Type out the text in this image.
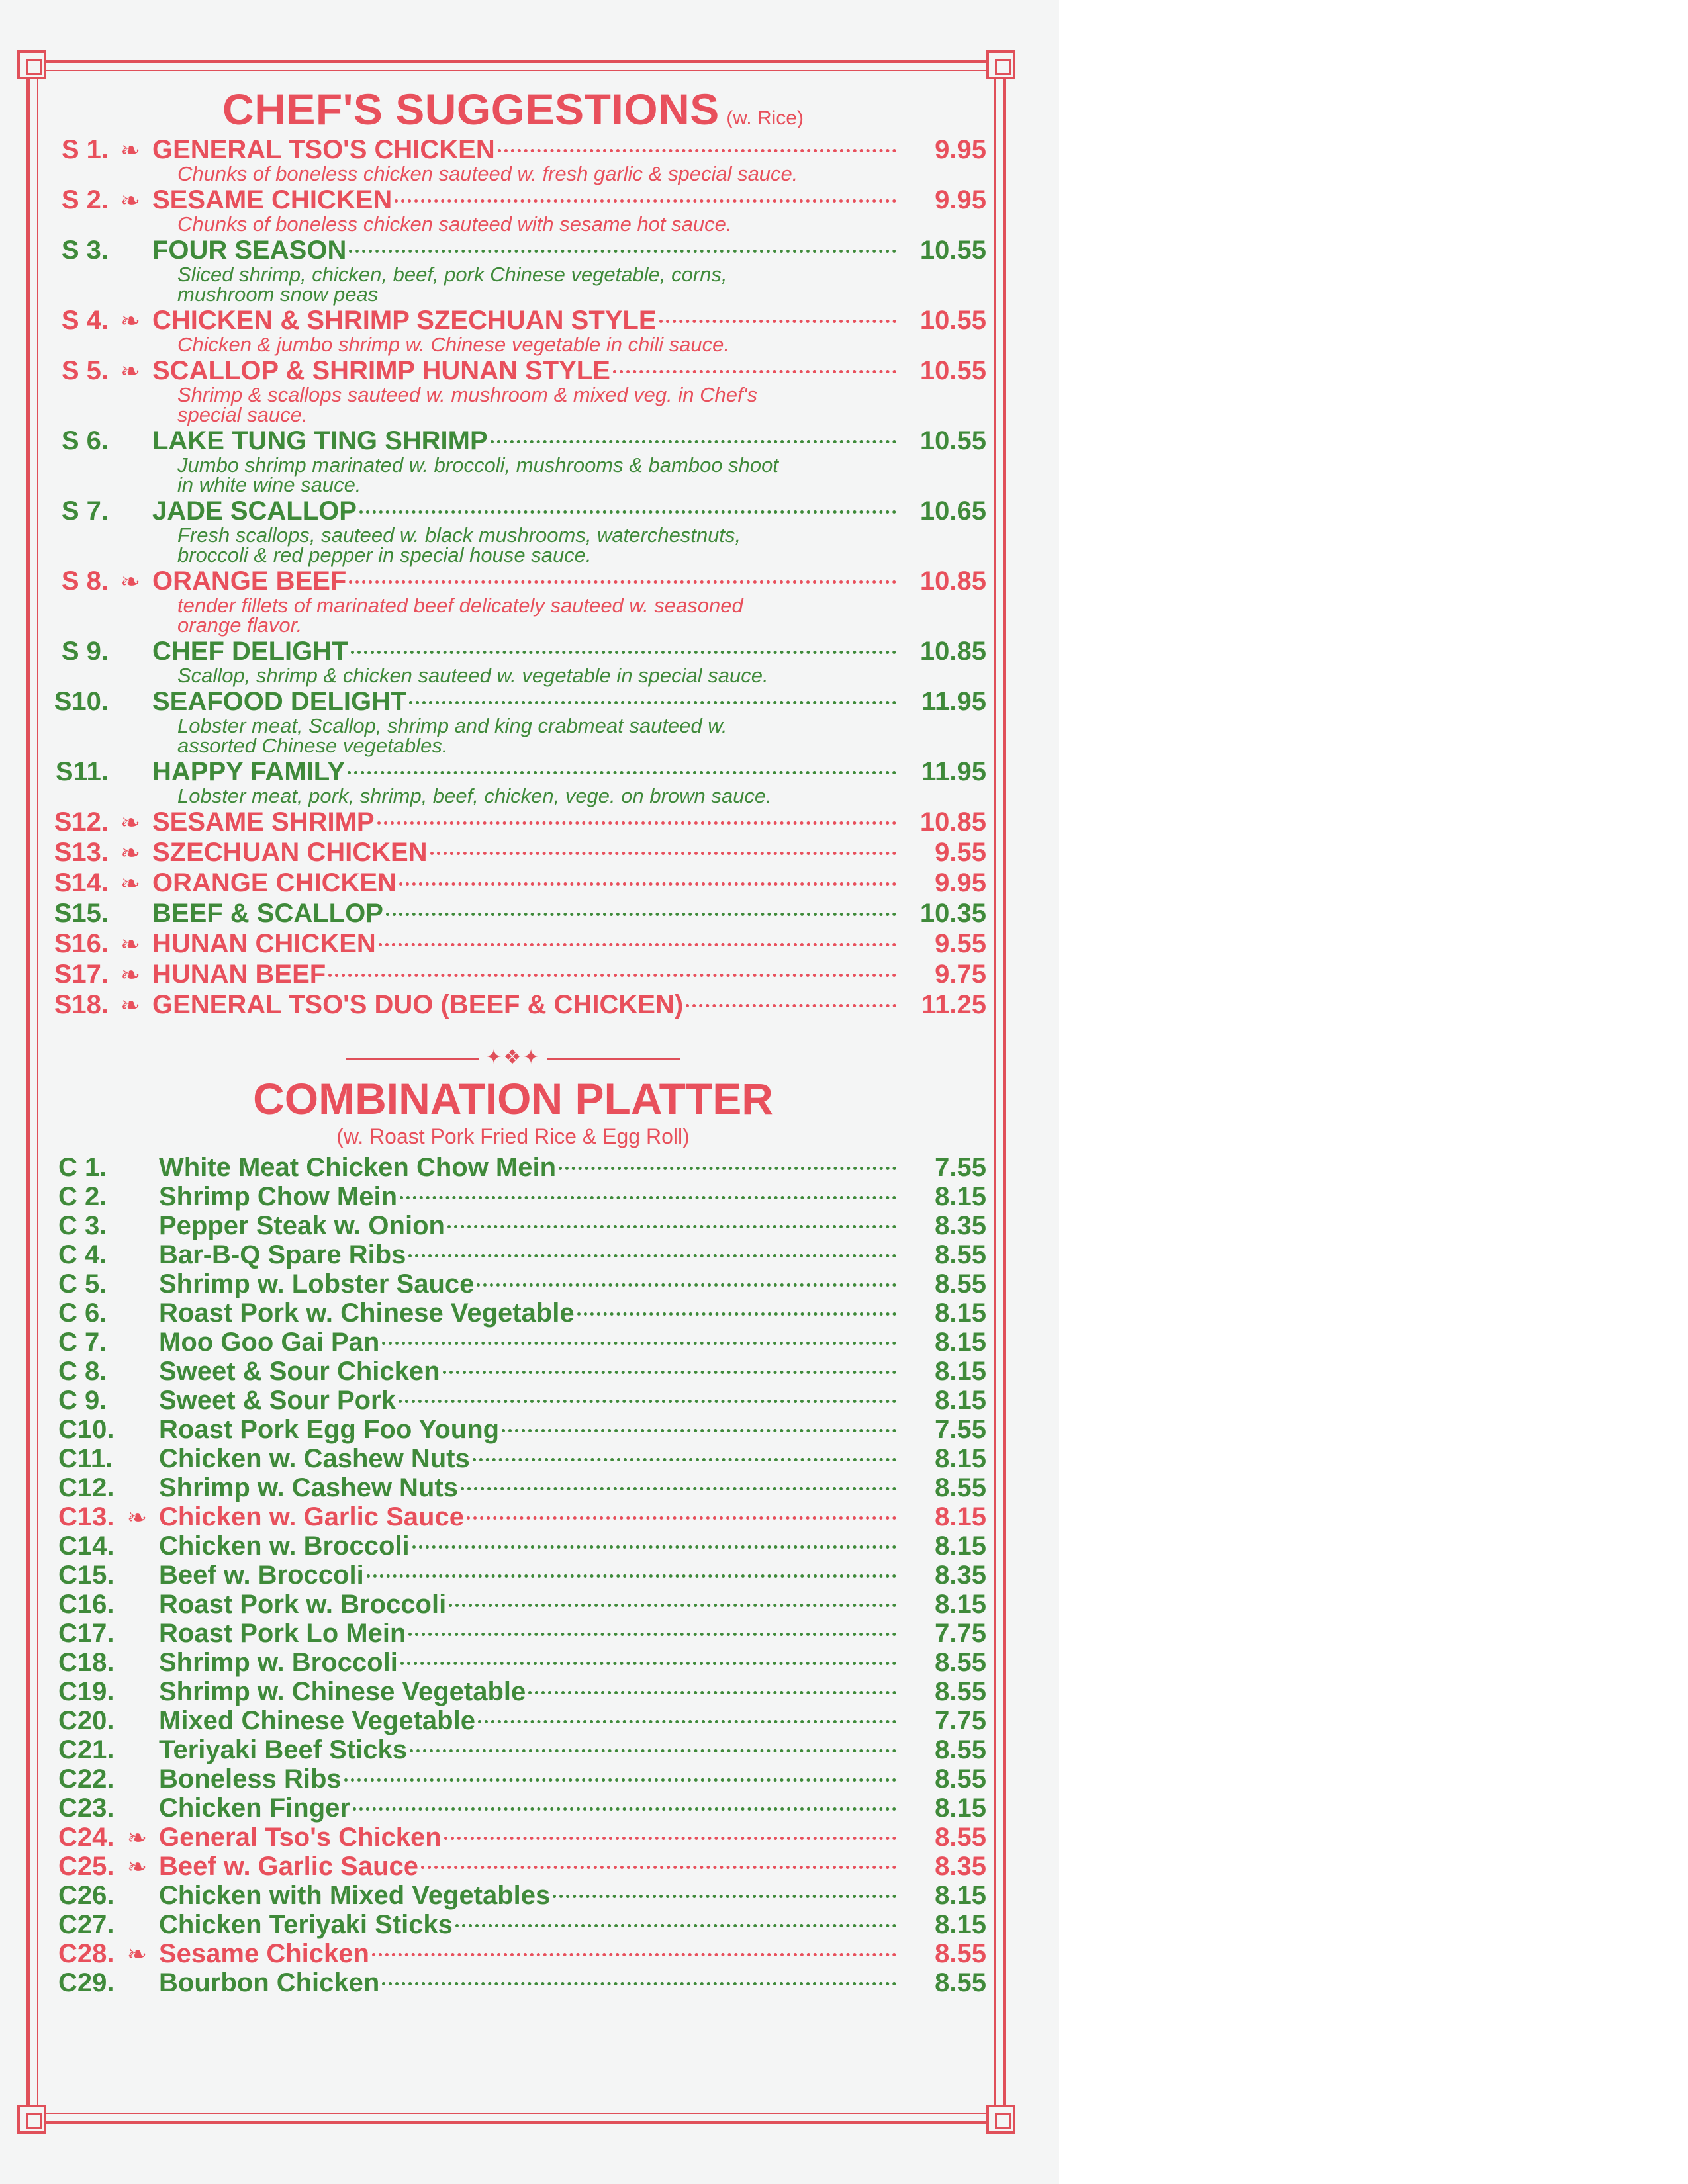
CHEF'S SUGGESTIONS (w. Rice)
S 1. ❧ GENERAL TSO'S CHICKEN	9.95
Chunks of boneless chicken sauteed w. fresh garlic & special sauce.
S 2. ❧ SESAME CHICKEN	9.95
Chunks of boneless chicken sauteed with sesame hot sauce.
S 3. FOUR SEASON	10.55
Sliced shrimp, chicken, beef, pork Chinese vegetable, corns,
mushroom snow peas
S 4. ❧ CHICKEN & SHRIMP SZECHUAN STYLE	10.55
Chicken & jumbo shrimp w. Chinese vegetable in chili sauce.
S 5. ❧ SCALLOP & SHRIMP HUNAN STYLE	10.55
Shrimp & scallops sauteed w. mushroom & mixed veg. in Chef's
special sauce.
S 6. LAKE TUNG TING SHRIMP	10.55
Jumbo shrimp marinated w. broccoli, mushrooms & bamboo shoot
in white wine sauce.
S 7. JADE SCALLOP	10.65
Fresh scallops, sauteed w. black mushrooms, waterchestnuts,
broccoli & red pepper in special house sauce.
S 8. ❧ ORANGE BEEF	10.85
tender fillets of marinated beef delicately sauteed w. seasoned
orange flavor.
S 9. CHEF DELIGHT	10.85
Scallop, shrimp & chicken sauteed w. vegetable in special sauce.
S10. SEAFOOD DELIGHT	11.95
Lobster meat, Scallop, shrimp and king crabmeat sauteed w.
assorted Chinese vegetables.
S11. HAPPY FAMILY	11.95
Lobster meat, pork, shrimp, beef, chicken, vege. on brown sauce.
S12. ❧ SESAME SHRIMP	10.85
S13. ❧ SZECHUAN CHICKEN	9.55
S14. ❧ ORANGE CHICKEN	9.95
S15. BEEF & SCALLOP	10.35
S16. ❧ HUNAN CHICKEN	9.55
S17. ❧ HUNAN BEEF	9.75
S18. ❧ GENERAL TSO'S DUO (BEEF & CHICKEN)	11.25
✦❖✦
COMBINATION PLATTER
(w. Roast Pork Fried Rice & Egg Roll)
C 1.	White Meat Chicken Chow Mein	7.55
C 2.	Shrimp Chow Mein	8.15
C 3.	Pepper Steak w. Onion	8.35
C 4.	Bar-B-Q Spare Ribs	8.55
C 5.	Shrimp w. Lobster Sauce	8.55
C 6.	Roast Pork w. Chinese Vegetable	8.15
C 7.	Moo Goo Gai Pan	8.15
C 8.	Sweet & Sour Chicken	8.15
C 9.	Sweet & Sour Pork	8.15
C10. Roast Pork Egg Foo Young	7.55
C11. Chicken w. Cashew Nuts	8.15
C12. Shrimp w. Cashew Nuts	8.55
C13. ❧ Chicken w. Garlic Sauce	8.15
C14. Chicken w. Broccoli	8.15
C15. Beef w. Broccoli	8.35
C16. Roast Pork w. Broccoli	8.15
C17. Roast Pork Lo Mein	7.75
C18. Shrimp w. Broccoli	8.55
C19. Shrimp w. Chinese Vegetable	8.55
C20. Mixed Chinese Vegetable	7.75
C21. Teriyaki Beef Sticks	8.55
C22. Boneless Ribs	8.55
C23. Chicken Finger	8.15
C24. ❧ General Tso's Chicken	8.55
C25. ❧ Beef w. Garlic Sauce	8.35
C26. Chicken with Mixed Vegetables	8.15
C27. Chicken Teriyaki Sticks	8.15
C28. ❧ Sesame Chicken	8.55
C29. Bourbon Chicken	8.55
